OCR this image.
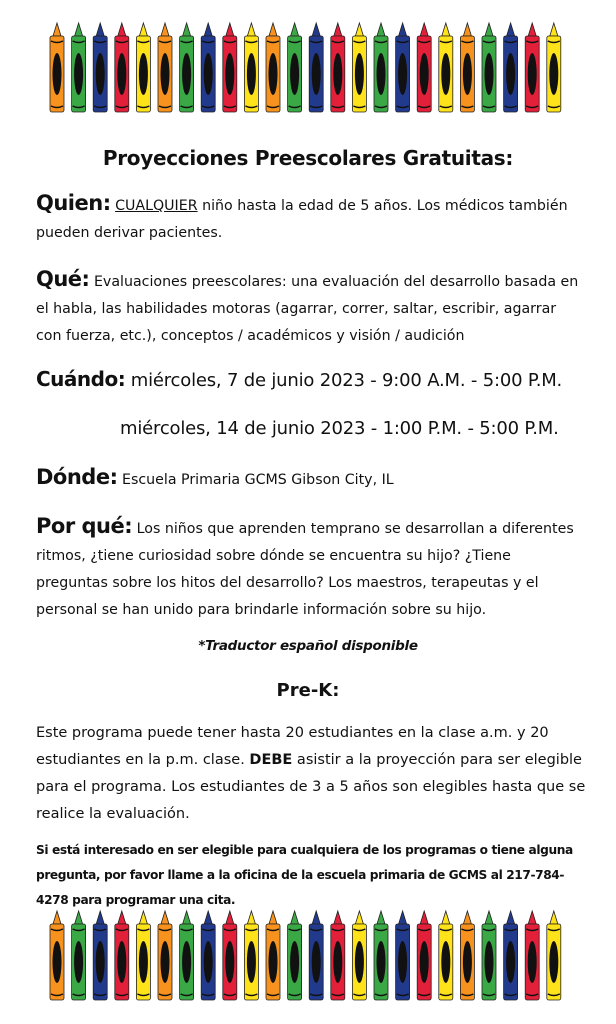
Proyecciones Preescolares Gratuitas:
Quien: CUALQUIER niño hasta la edad de 5 años. Los médicos también pueden derivar pacientes.
Qué: Evaluaciones preescolares: una evaluación del desarrollo basada en el habla, las habilidades motoras (agarrar, correr, saltar, escribir, agarrar con fuerza, etc.), conceptos / académicos y visión / audición
Cuándo: miércoles, 7 de junio 2023 - 9:00 A.M. - 5:00 P.M.
miércoles, 14 de junio 2023 - 1:00 P.M. - 5:00 P.M.
Dónde: Escuela Primaria GCMS Gibson City, IL
Por qué: Los niños que aprenden temprano se desarrollan a diferentes ritmos, ¿tiene curiosidad sobre dónde se encuentra su hijo? ¿Tiene preguntas sobre los hitos del desarrollo? Los maestros, terapeutas y el personal se han unido para brindarle información sobre su hijo.
*Traductor español disponible
Pre-K:
Este programa puede tener hasta 20 estudiantes en la clase a.m. y 20 estudiantes en la p.m. clase. DEBE asistir a la proyección para ser elegible para el programa. Los estudiantes de 3 a 5 años son elegibles hasta que se realice la evaluación.
Si está interesado en ser elegible para cualquiera de los programas o tiene alguna pregunta, por favor llame a la oficina de la escuela primaria de GCMS al 217-784-4278 para programar una cita.
